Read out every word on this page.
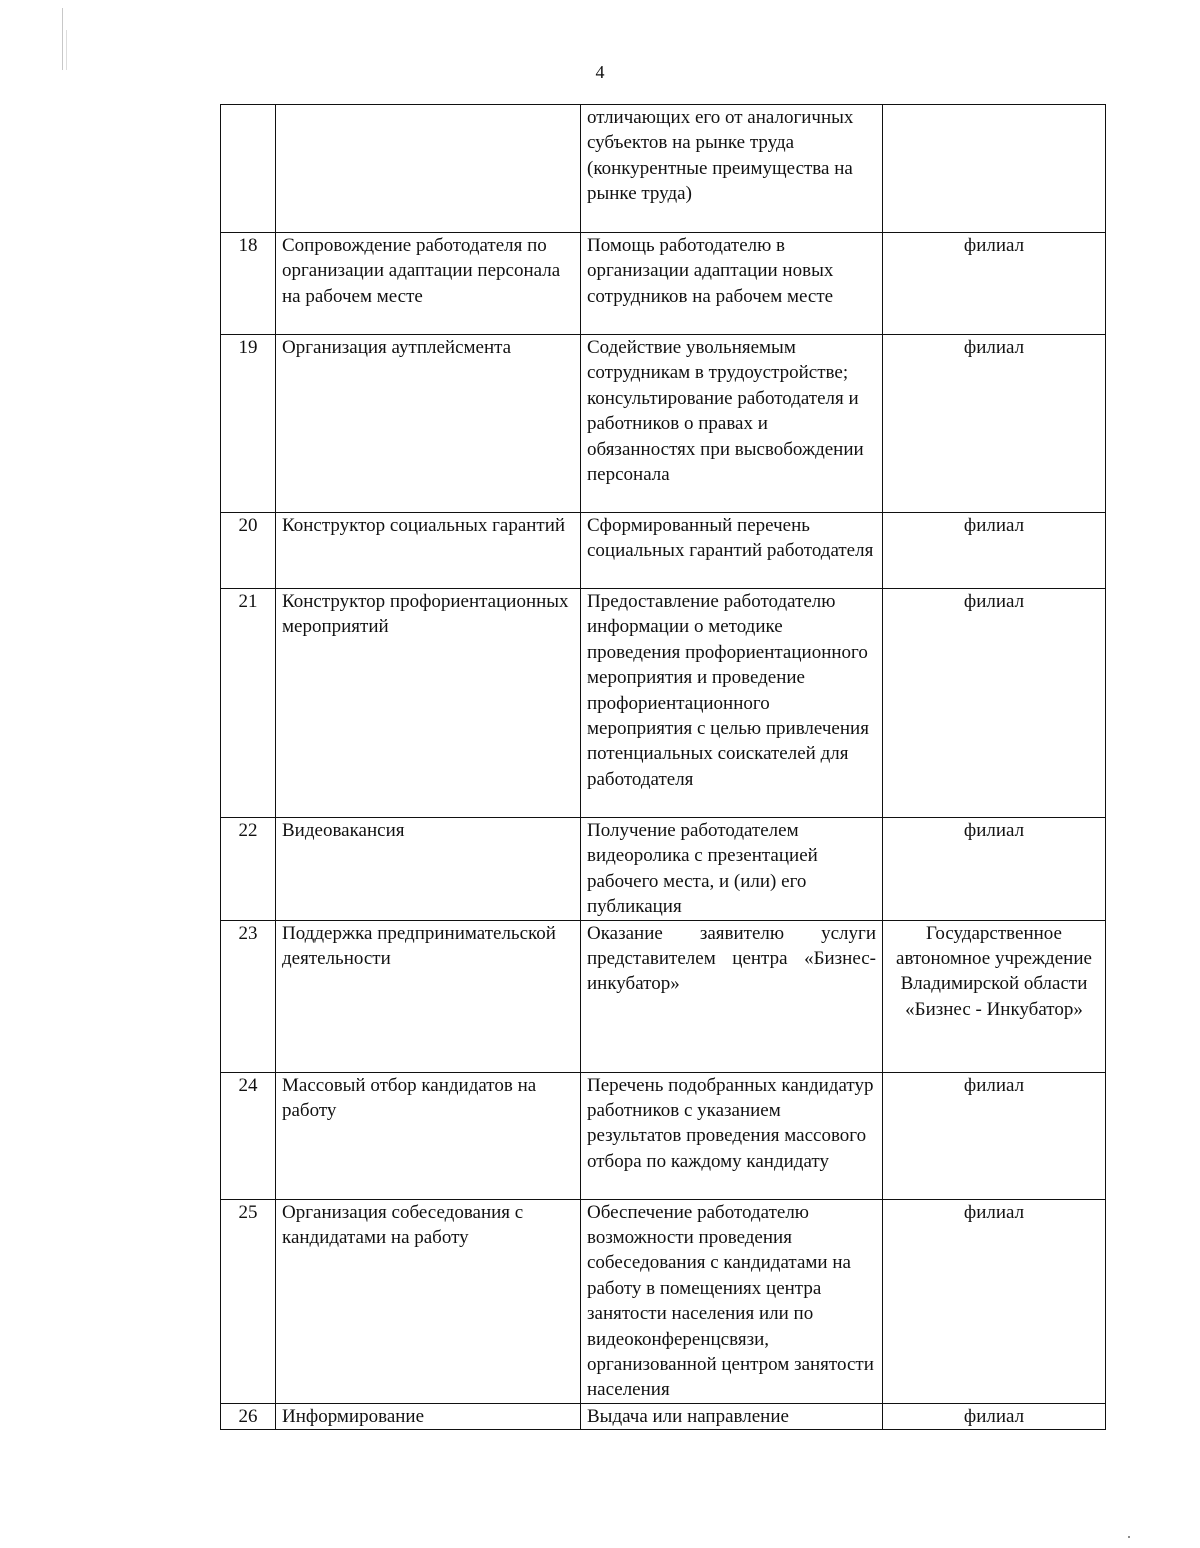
4
		отличающих его от аналогичных субъектов на рынке труда (конкурентные преимущества на рынке труда)	
18	Сопровождение работодателя по организации адаптации персонала на рабочем месте	Помощь работодателю в организации адаптации новых сотрудников на рабочем месте	филиал
19	Организация аутплейсмента	Содействие увольняемым сотрудникам в трудоустройстве; консультирование работодателя и работников о правах и обязанностях при высвобождении персонала	филиал
20	Конструктор социальных гарантий	Сформированный перечень социальных гарантий работодателя	филиал
21	Конструктор профориентационных мероприятий	Предоставление работодателю информации о методике проведения профориентационного мероприятия и проведение профориентационного мероприятия с целью привлечения потенциальных соискателей для работодателя	филиал
22	Видеовакансия	Получение работодателем видеоролика с презентацией рабочего места, и (или) его публикация	филиал
23	Поддержка предпринимательской деятельности	Оказание заявителю услуги представителем центра «Бизнес-инкубатор»	Государственное автономное учреждение Владимирской области «Бизнес - Инкубатор»
24	Массовый отбор кандидатов на работу	Перечень подобранных кандидатур работников с указанием результатов проведения массового отбора по каждому кандидату	филиал
25	Организация собеседования с кандидатами на работу	Обеспечение работодателю возможности проведения собеседования с кандидатами на работу в помещениях центра занятости населения или по видеоконференцсвязи, организованной центром занятости населения	филиал
26	Информирование	Выдача или направление	филиал
